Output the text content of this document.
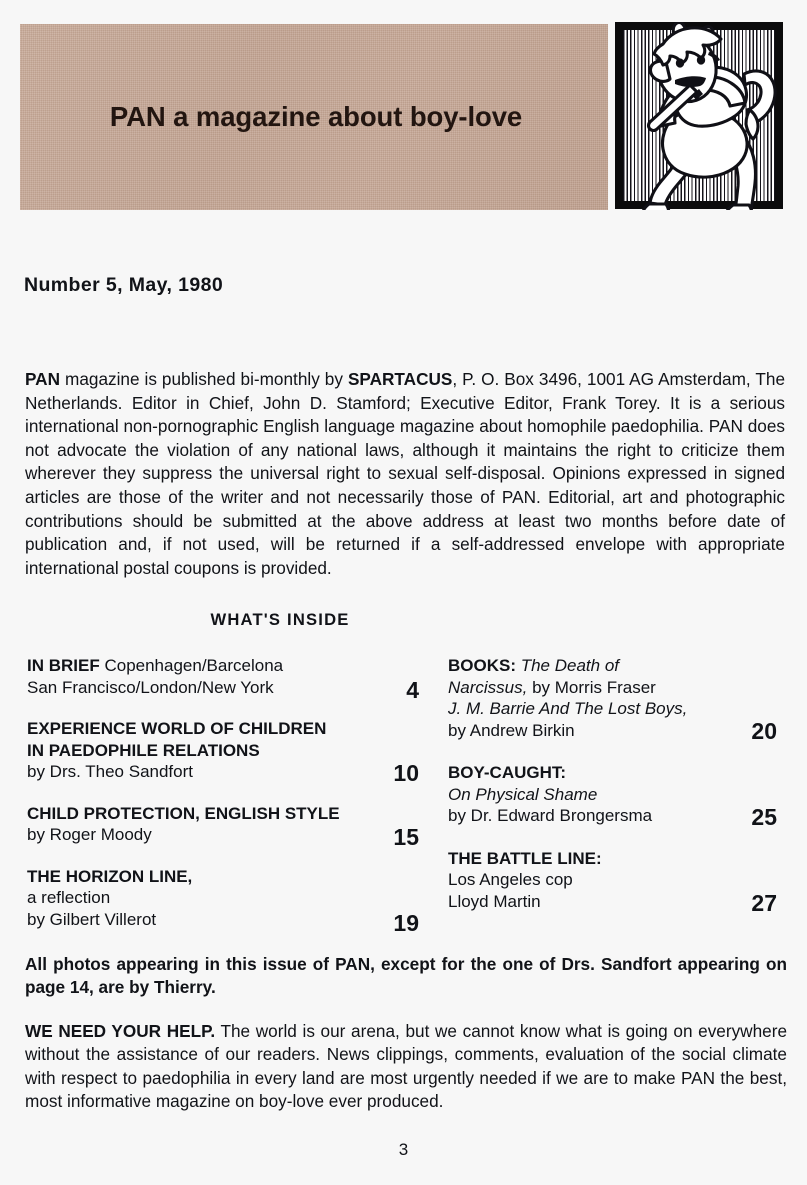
PAN a magazine about boy-love
Number 5, May, 1980
PAN magazine is published bi-monthly by SPARTACUS, P. O. Box 3496, 1001 AG Amsterdam, The Netherlands. Editor in Chief, John D. Stamford; Executive Editor, Frank Torey. It is a serious international non-pornographic English language magazine about homophile paedophilia. PAN does not advocate the violation of any national laws, although it maintains the right to criticize them wherever they suppress the universal right to sexual self-disposal. Opinions expressed in signed articles are those of the writer and not necessarily those of PAN. Editorial, art and photographic contributions should be submitted at the above address at least two months before date of publication and, if not used, will be returned if a self-addressed envelope with appropriate international postal coupons is provided.
WHAT'S INSIDE
IN BRIEF Copenhagen/Barcelona
San Francisco/London/New York	4
EXPERIENCE WORLD OF CHILDREN
IN PAEDOPHILE RELATIONS
by Drs. Theo Sandfort	10
CHILD PROTECTION, ENGLISH STYLE
by Roger Moody	15
THE HORIZON LINE,
a reflection
by Gilbert Villerot	19
BOOKS: The Death of
Narcissus, by Morris Fraser
J. M. Barrie And The Lost Boys,
by Andrew Birkin	20
BOY-CAUGHT:
On Physical Shame
by Dr. Edward Brongersma	25
THE BATTLE LINE:
Los Angeles cop
Lloyd Martin	27
All photos appearing in this issue of PAN, except for the one of Drs. Sandfort appearing on page 14, are by Thierry.
WE NEED YOUR HELP. The world is our arena, but we cannot know what is going on everywhere without the assistance of our readers. News clippings, comments, evaluation of the social climate with respect to paedophilia in every land are most urgently needed if we are to make PAN the best, most informative magazine on boy-love ever produced.
3
